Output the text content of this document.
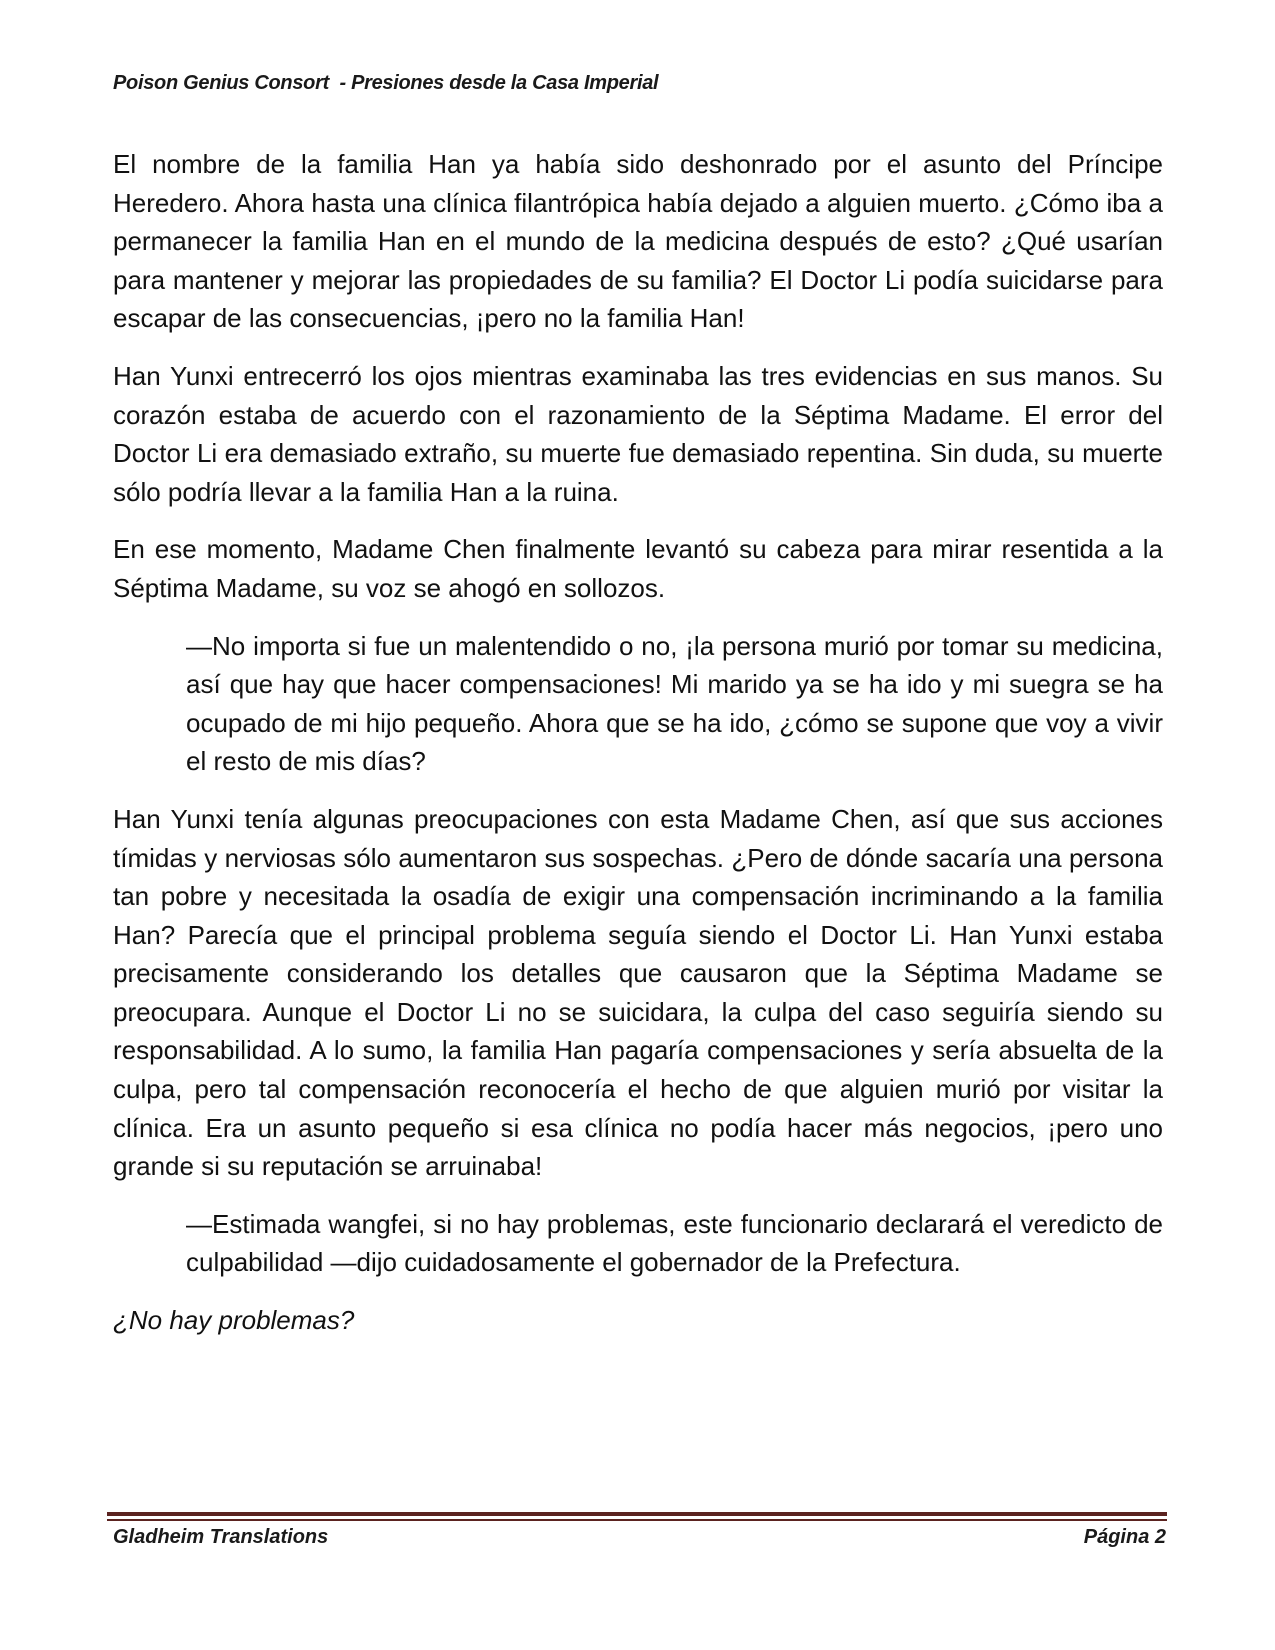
Poison Genius Consort  - Presiones desde la Casa Imperial

El nombre de la familia Han ya había sido deshonrado por el asunto del Príncipe Heredero. Ahora hasta una clínica filantrópica había dejado a alguien muerto. ¿Cómo iba a permanecer la familia Han en el mundo de la medicina después de esto? ¿Qué usarían para mantener y mejorar las propiedades de su familia? El Doctor Li podía suicidarse para escapar de las consecuencias, ¡pero no la familia Han!

Han Yunxi entrecerró los ojos mientras examinaba las tres evidencias en sus manos. Su corazón estaba de acuerdo con el razonamiento de la Séptima Madame. El error del Doctor Li era demasiado extraño, su muerte fue demasiado repentina. Sin duda, su muerte sólo podría llevar a la familia Han a la ruina.

En ese momento, Madame Chen finalmente levantó su cabeza para mirar resentida a la Séptima Madame, su voz se ahogó en sollozos.

—No importa si fue un malentendido o no, ¡la persona murió por tomar su medicina, así que hay que hacer compensaciones! Mi marido ya se ha ido y mi suegra se ha ocupado de mi hijo pequeño. Ahora que se ha ido, ¿cómo se supone que voy a vivir el resto de mis días?

Han Yunxi tenía algunas preocupaciones con esta Madame Chen, así que sus acciones tímidas y nerviosas sólo aumentaron sus sospechas. ¿Pero de dónde sacaría una persona tan pobre y necesitada la osadía de exigir una compensación incriminando a la familia Han? Parecía que el principal problema seguía siendo el Doctor Li. Han Yunxi estaba precisamente considerando los detalles que causaron que la Séptima Madame se preocupara. Aunque el Doctor Li no se suicidara, la culpa del caso seguiría siendo su responsabilidad. A lo sumo, la familia Han pagaría compensaciones y sería absuelta de la culpa, pero tal compensación reconocería el hecho de que alguien murió por visitar la clínica. Era un asunto pequeño si esa clínica no podía hacer más negocios, ¡pero uno grande si su reputación se arruinaba!

—Estimada wangfei, si no hay problemas, este funcionario declarará el veredicto de culpabilidad —dijo cuidadosamente el gobernador de la Prefectura.

¿No hay problemas?

Gladheim Translations	Página 2
